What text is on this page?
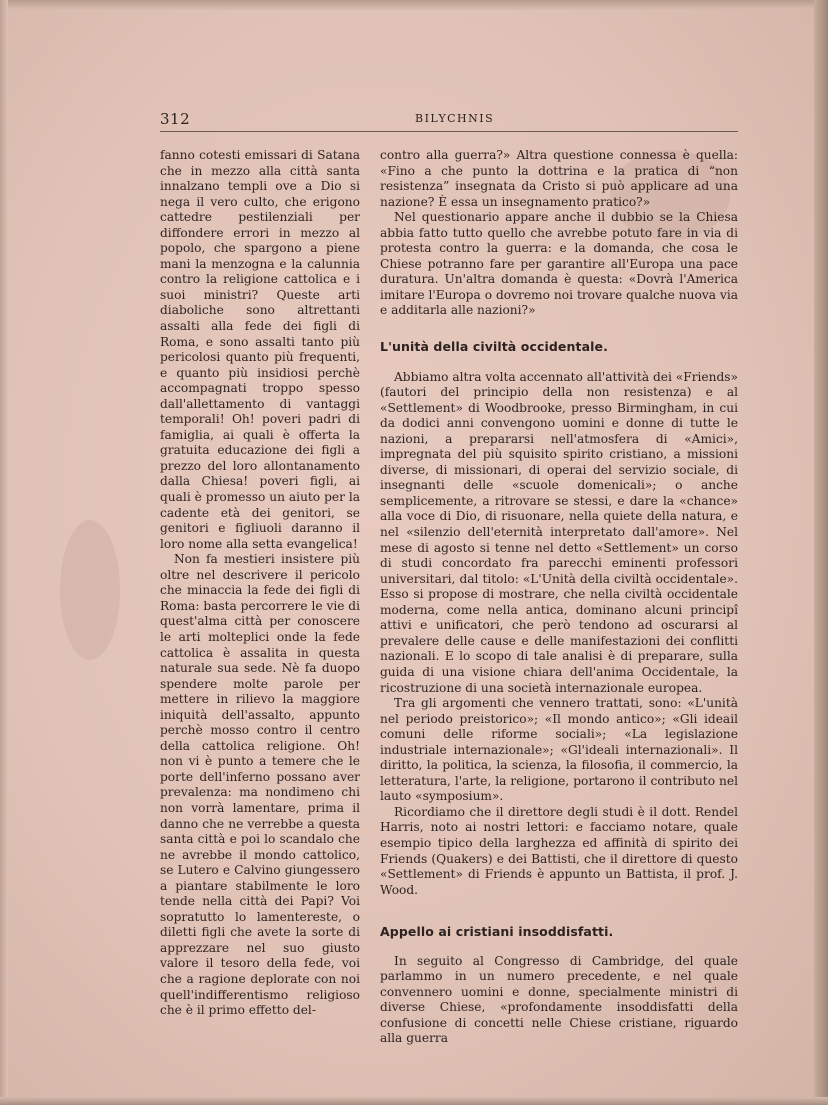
312	BILYCHNIS

fanno cotesti emissari di Satana che in mezzo alla città santa innalzano templi ove a Dio si nega il vero culto, che erigono cattedre pestilenziali per diffondere errori in mezzo al popolo, che spargono a piene mani la menzogna e la calunnia contro la religione cattolica e i suoi ministri? Queste arti diaboliche sono altrettanti assalti alla fede dei figli di Roma, e sono assalti tanto più pericolosi quanto più frequenti, e quanto più insidiosi perchè accompagnati troppo spesso dall'allettamento di vantaggi temporali! Oh! poveri padri di famiglia, ai quali è offerta la gratuita educazione dei figli a prezzo del loro allontanamento dalla Chiesa! poveri figli, ai quali è promesso un aiuto per la cadente età dei genitori, se genitori e figliuoli daranno il loro nome alla setta evangelica!

Non fa mestieri insistere più oltre nel descrivere il pericolo che minaccia la fede dei figli di Roma: basta percorrere le vie di quest'alma città per conoscere le arti molteplici onde la fede cattolica è assalita in questa naturale sua sede. Nè fa duopo spendere molte parole per mettere in rilievo la maggiore iniquità dell'assalto, appunto perchè mosso contro il centro della cattolica religione. Oh! non vi è punto a temere che le porte dell'inferno possano aver prevalenza: ma nondimeno chi non vorrà lamentare, prima il danno che ne verrebbe a questa santa città e poi lo scandalo che ne avrebbe il mondo cattolico, se Lutero e Calvino giungessero a piantare stabilmente le loro tende nella città dei Papi? Voi sopratutto lo lamentereste, o diletti figli che avete la sorte di apprezzare nel suo giusto valore il tesoro della fede, voi che a ragione deplorate con noi quell'indifferentismo religioso che è il primo effetto del-

contro alla guerra?» Altra questione connessa è quella: «Fino a che punto la dottrina e la pratica di “non resistenza” insegnata da Cristo si può applicare ad una nazione? È essa un insegnamento pratico?»

Nel questionario appare anche il dubbio se la Chiesa abbia fatto tutto quello che avrebbe potuto fare in via di protesta contro la guerra: e la domanda, che cosa le Chiese potranno fare per garantire all'Europa una pace duratura. Un'altra domanda è questa: «Dovrà l'America imitare l'Europa o dovremo noi trovare qualche nuova via e additarla alle nazioni?»

L'unità della civiltà occidentale.

Abbiamo altra volta accennato all'attività dei «Friends» (fautori del principio della non resistenza) e al «Settlement» di Woodbrooke, presso Birmingham, in cui da dodici anni convengono uomini e donne di tutte le nazioni, a prepararsi nell'atmosfera di «Amici», impregnata del più squisito spirito cristiano, a missioni diverse, di missionari, di operai del servizio sociale, di insegnanti delle «scuole domenicali»; o anche semplicemente, a ritrovare se stessi, e dare la «chance» alla voce di Dio, di risuonare, nella quiete della natura, e nel «silenzio dell'eternità interpretato dall'amore». Nel mese di agosto si tenne nel detto «Settlement» un corso di studi concordato fra parecchi eminenti professori universitari, dal titolo: «L'Unità della civiltà occidentale». Esso si propose di mostrare, che nella civiltà occidentale moderna, come nella antica, dominano alcuni principî attivi e unificatori, che però tendono ad oscurarsi al prevalere delle cause e delle manifestazioni dei conflitti nazionali. E lo scopo di tale analisi è di preparare, sulla guida di una visione chiara dell'anima Occidentale, la ricostruzione di una società internazionale europea.

Tra gli argomenti che vennero trattati, sono: «L'unità nel periodo preistorico»; «Il mondo antico»; «Gli ideail comuni delle riforme sociali»; «La legislazione industriale internazionale»; «Gl'ideali internazionali». Il diritto, la politica, la scienza, la filosofia, il commercio, la letteratura, l'arte, la religione, portarono il contributo nel lauto «symposium».

Ricordiamo che il direttore degli studi è il dott. Rendel Harris, noto ai nostri lettori: e facciamo notare, quale esempio tipico della larghezza ed affinità di spirito dei Friends (Quakers) e dei Battisti, che il direttore di questo «Settlement» di Friends è appunto un Battista, il prof. J. Wood.

Appello ai cristiani insoddisfatti.

In seguito al Congresso di Cambridge, del quale parlammo in un numero precedente, e nel quale convennero uomini e donne, specialmente ministri di diverse Chiese, «profondamente insoddisfatti della confusione di concetti nelle Chiese cristiane, riguardo alla guerra
